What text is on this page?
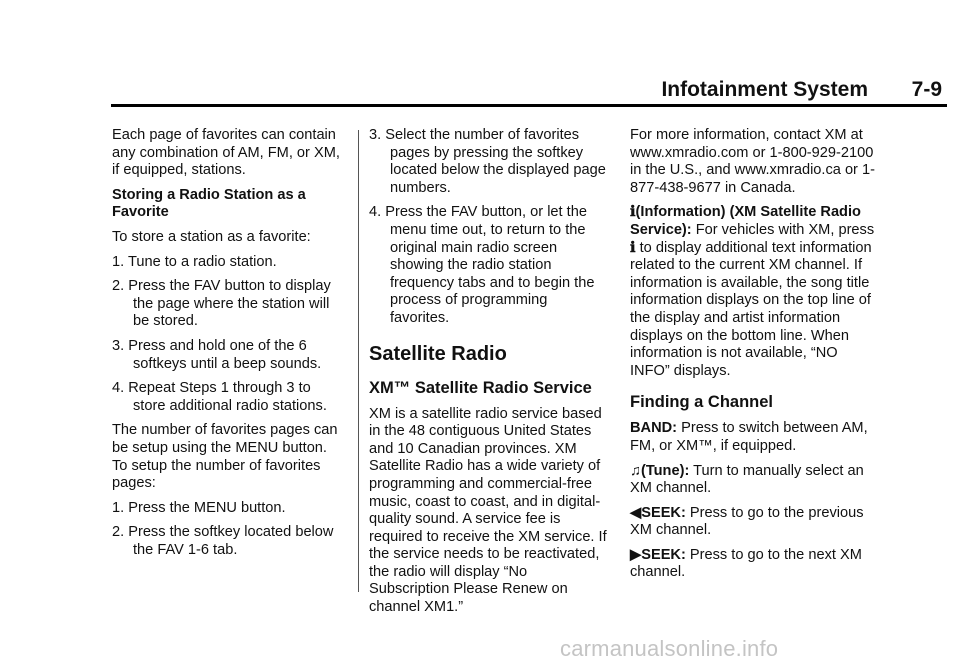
Infotainment System 7-9

Each page of favorites can contain any combination of AM, FM, or XM, if equipped, stations.

Storing a Radio Station as a Favorite

To store a station as a favorite:

1. Tune to a radio station.

2. Press the FAV button to display the page where the station will be stored.

3. Press and hold one of the 6 softkeys until a beep sounds.

4. Repeat Steps 1 through 3 to store additional radio stations.

The number of favorites pages can be setup using the MENU button. To setup the number of favorites pages:

1. Press the MENU button.

2. Press the softkey located below the FAV 1-6 tab.

3. Select the number of favorites pages by pressing the softkey located below the displayed page numbers.

4. Press the FAV button, or let the menu time out, to return to the original main radio screen showing the radio station frequency tabs and to begin the process of programming favorites.

Satellite Radio
XM™ Satellite Radio Service

XM is a satellite radio service based in the 48 contiguous United States and 10 Canadian provinces. XM Satellite Radio has a wide variety of programming and commercial-free music, coast to coast, and in digital-quality sound. A service fee is required to receive the XM service. If the service needs to be reactivated, the radio will display “No Subscription Please Renew on channel XM1.”

For more information, contact XM at www.xmradio.com or 1-800-929-2100 in the U.S., and www.xmradio.ca or 1-877-438-9677 in Canada.

ℹ(Information) (XM Satellite Radio Service): For vehicles with XM, press ℹ to display additional text information related to the current XM channel. If information is available, the song title information displays on the top line of the display and artist information displays on the bottom line. When information is not available, “NO INFO” displays.

Finding a Channel

BAND: Press to switch between AM, FM, or XM™, if equipped.

♫(Tune): Turn to manually select an XM channel.

◀SEEK: Press to go to the previous XM channel.

▶SEEK: Press to go to the next XM channel.

carmanualsonline.info
